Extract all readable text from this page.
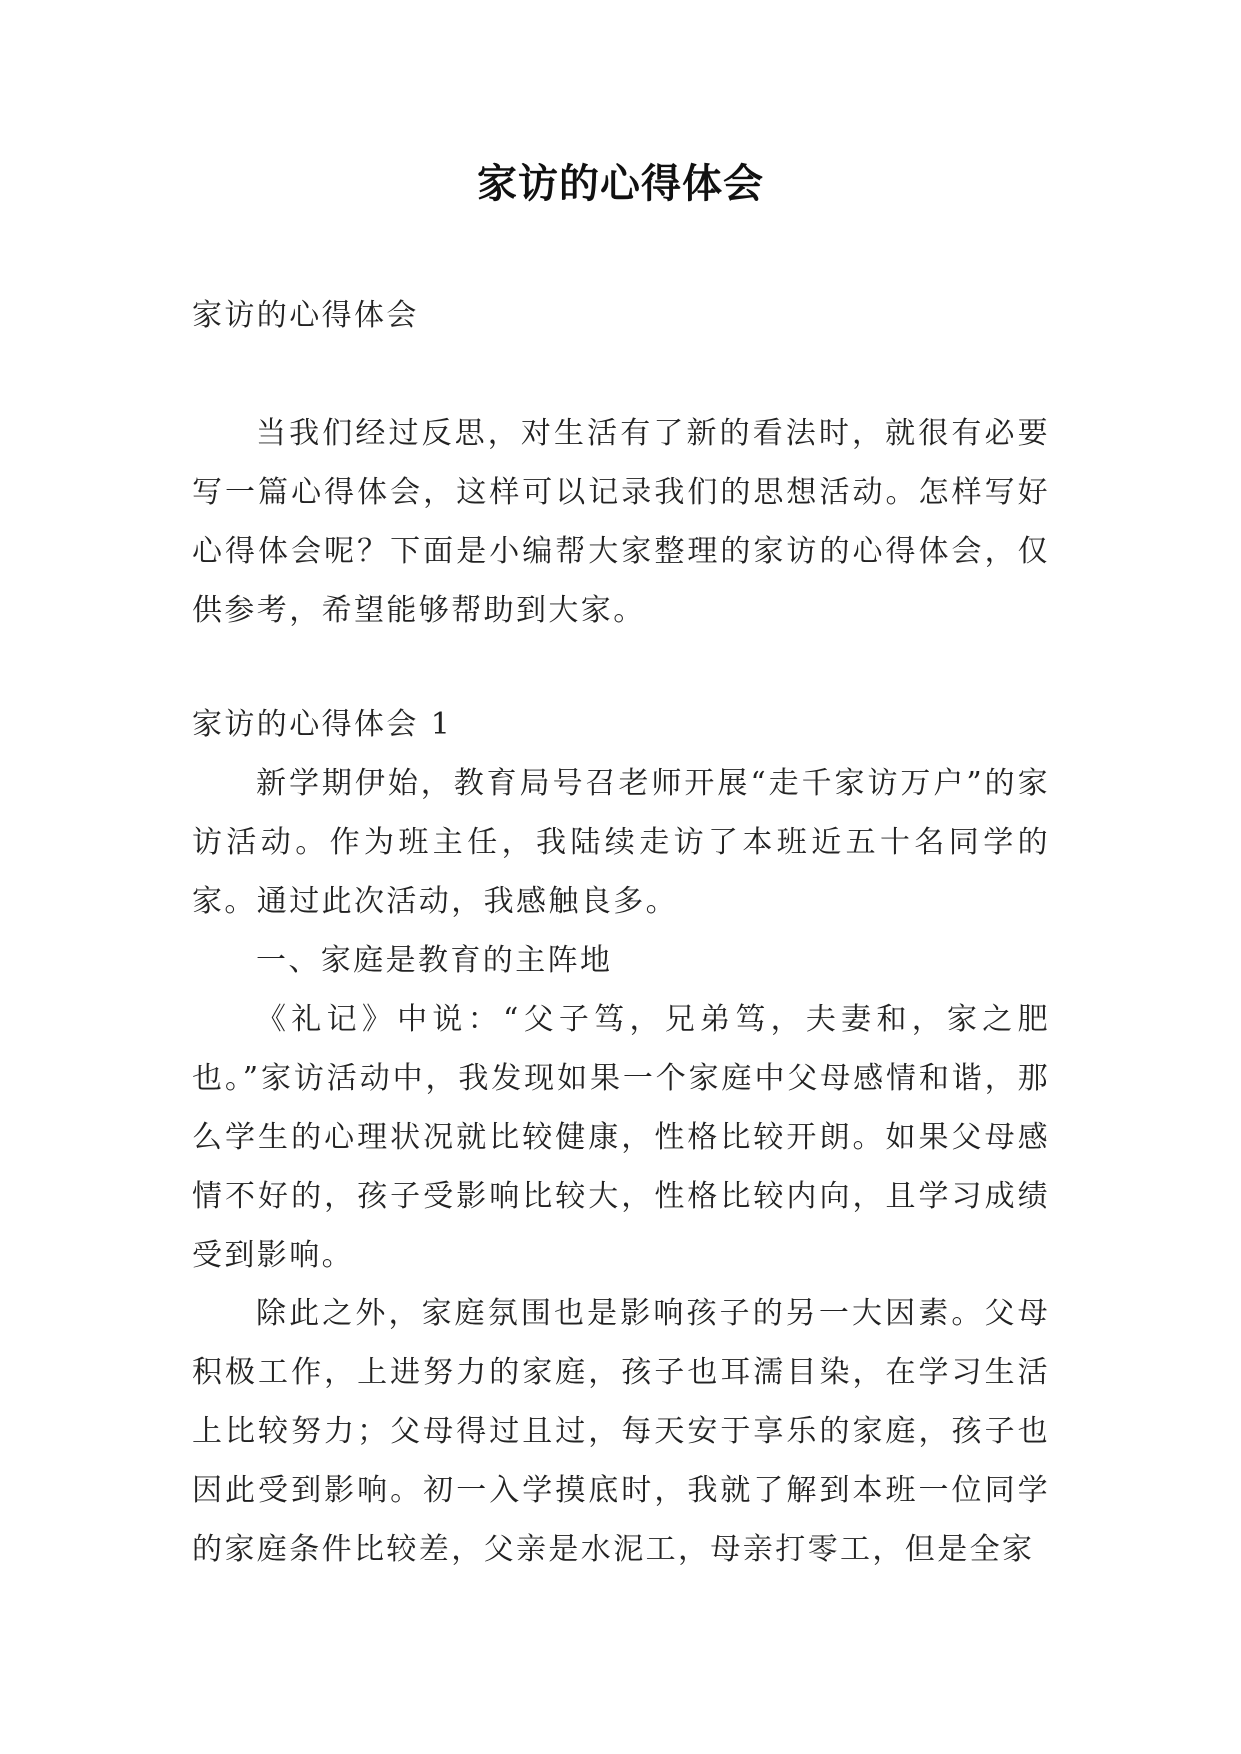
家访的心得体会
家访的心得体会
当我们经过反思，对生活有了新的看法时，就很有必要写一篇心得体会，这样可以记录我们的思想活动。怎样写好心得体会呢？下面是小编帮大家整理的家访的心得体会，仅供参考，希望能够帮助到大家。
家访的心得体会 1
新学期伊始，教育局号召老师开展“走千家访万户”的家访活动。作为班主任，我陆续走访了本班近五十名同学的家。通过此次活动，我感触良多。
一、家庭是教育的主阵地
《礼记》中说：“父子笃，兄弟笃，夫妻和，家之肥也。”家访活动中，我发现如果一个家庭中父母感情和谐，那么学生的心理状况就比较健康，性格比较开朗。如果父母感情不好的，孩子受影响比较大，性格比较内向，且学习成绩受到影响。
除此之外，家庭氛围也是影响孩子的另一大因素。父母积极工作，上进努力的家庭，孩子也耳濡目染，在学习生活上比较努力；父母得过且过，每天安于享乐的家庭，孩子也因此受到影响。初一入学摸底时，我就了解到本班一位同学的家庭条件比较差，父亲是水泥工，母亲打零工，但是全家
